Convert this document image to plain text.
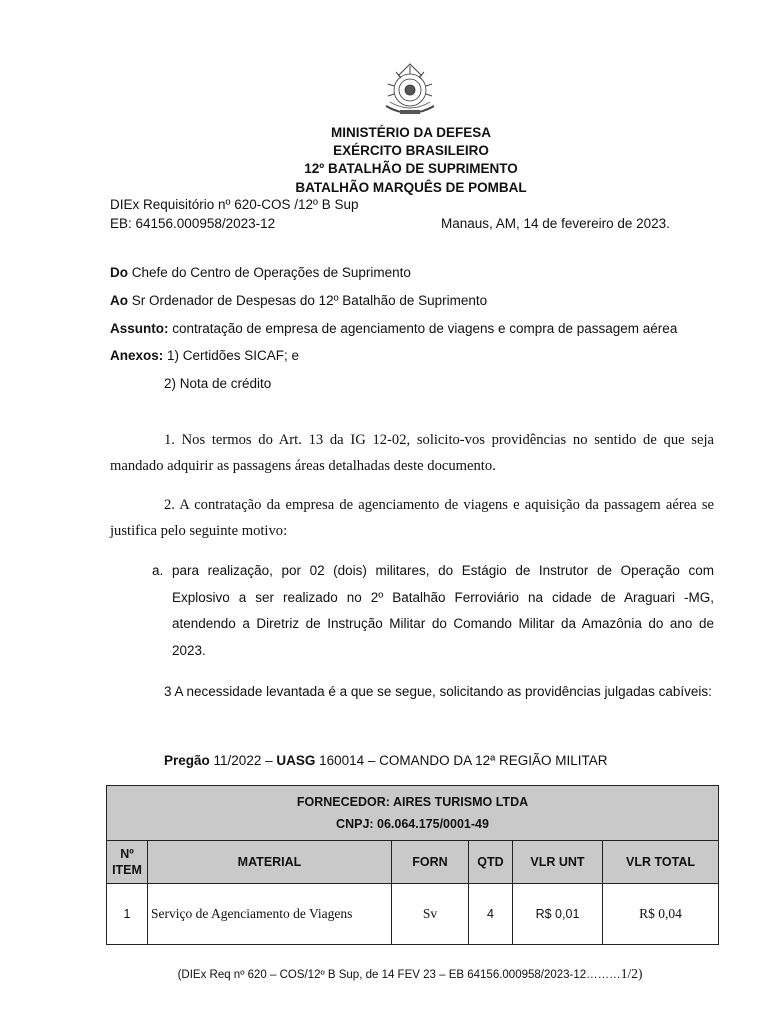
MINISTÉRIO DA DEFESA
EXÉRCITO BRASILEIRO
12º BATALHÃO DE SUPRIMENTO
BATALHÃO MARQUÊS DE POMBAL
DIEx Requisitório nº 620-COS /12º B Sup
EB: 64156.000958/2023-12	Manaus, AM, 14 de fevereiro de 2023.
Do Chefe do Centro de Operações de Suprimento
Ao Sr Ordenador de Despesas do 12º Batalhão de Suprimento
Assunto: contratação de empresa de agenciamento de viagens e compra de passagem aérea
Anexos: 1) Certidões SICAF; e
2) Nota de crédito
1. Nos termos do Art. 13 da IG 12-02, solicito-vos providências no sentido de que seja mandado adquirir as passagens áreas detalhadas deste documento.
2. A contratação da empresa de agenciamento de viagens e aquisição da passagem aérea se justifica pelo seguinte motivo:
a. para realização, por 02 (dois) militares, do Estágio de Instrutor de Operação com Explosivo a ser realizado no 2º Batalhão Ferroviário na cidade de Araguari -MG, atendendo a Diretriz de Instrução Militar do Comando Militar da Amazônia do ano de 2023.
3 A necessidade levantada é a que se segue, solicitando as providências julgadas cabíveis:
Pregão 11/2022 – UASG 160014 – COMANDO DA 12ª REGIÃO MILITAR
FORNECEDOR: AIRES TURISMO LTDA
CNPJ: 06.064.175/0001-49					

Nº
ITEM	MATERIAL	FORN	QTD	VLR UNT	VLR TOTAL
1	Serviço de Agenciamento de Viagens	Sv	4	R$ 0,01	R$ 0,04
(DIEx Req nº 620 – COS/12º B Sup, de 14 FEV 23 – EB 64156.000958/2023-12………1/2)
